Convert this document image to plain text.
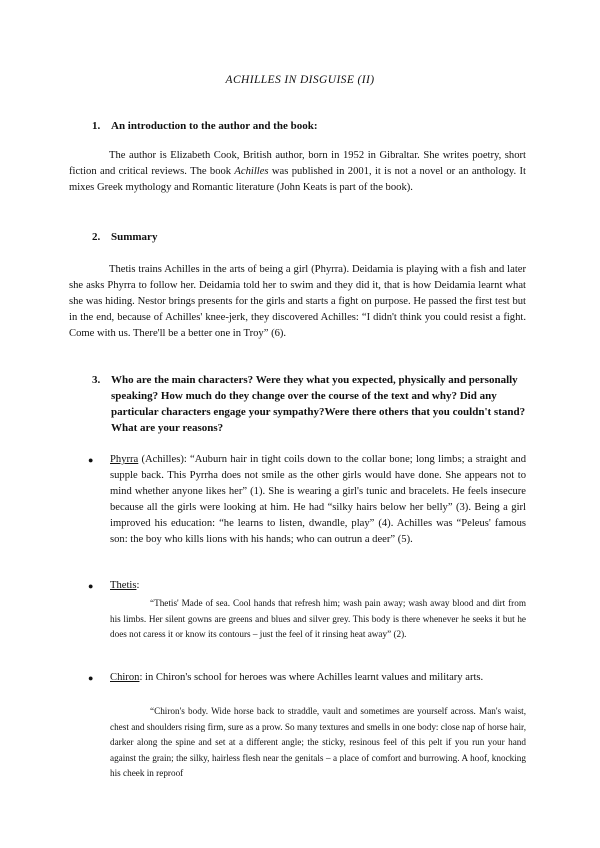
ACHILLES IN DISGUISE (II)
1. An introduction to the author and the book:

The author is Elizabeth Cook, British author, born in 1952 in Gibraltar. She writes poetry, short fiction and critical reviews. The book Achilles was published in 2001, it is not a novel or an anthology. It mixes Greek mythology and Romantic literature (John Keats is part of the book).

2. Summary

Thetis trains Achilles in the arts of being a girl (Phyrra). Deidamia is playing with a fish and later she asks Phyrra to follow her. Deidamia told her to swim and they did it, that is how Deidamia learnt what she was hiding. Nestor brings presents for the girls and starts a fight on purpose. He passed the first test but in the end, because of Achilles' knee-jerk, they discovered Achilles: “I didn't think you could resist a fight. Come with us. There'll be a better one in Troy” (6).

3. Who are the main characters? Were they what you expected, physically and personally speaking? How much do they change over the course of the text and why? Did any particular characters engage your sympathy?Were there others that you couldn't stand? What are your reasons?
● Phyrra (Achilles): “Auburn hair in tight coils down to the collar bone; long limbs; a straight and supple back. This Pyrrha does not smile as the other girls would have done. She appears not to mind whether anyone likes her” (1). She is wearing a girl's tunic and bracelets. He feels insecure because all the girls were looking at him. He had “silky hairs below her belly” (3). Being a girl improved his education: “he learns to listen, dwandle, play” (4). Achilles was “Peleus' famous son: the boy who kills lions with his hands; who can outrun a deer” (5).
● Thetis:

“Thetis' Made of sea. Cool hands that refresh him; wash pain away; wash away blood and dirt from his limbs. Her silent gowns are greens and blues and silver grey. This body is there whenever he seeks it but he does not caress it or know its contours – just the feel of it rinsing heat away” (2).

● Chiron: in Chiron's school for heroes was where Achilles learnt values and military arts.

“Chiron's body. Wide horse back to straddle, vault and sometimes are yourself across. Man's waist, chest and shoulders rising firm, sure as a prow. So many textures and smells in one body: close nap of horse hair, darker along the spine and set at a different angle; the sticky, resinous feel of this pelt if you run your hand against the grain; the silky, hairless flesh near the genitals – a place of comfort and burrowing. A hoof, knocking his cheek in reproof
